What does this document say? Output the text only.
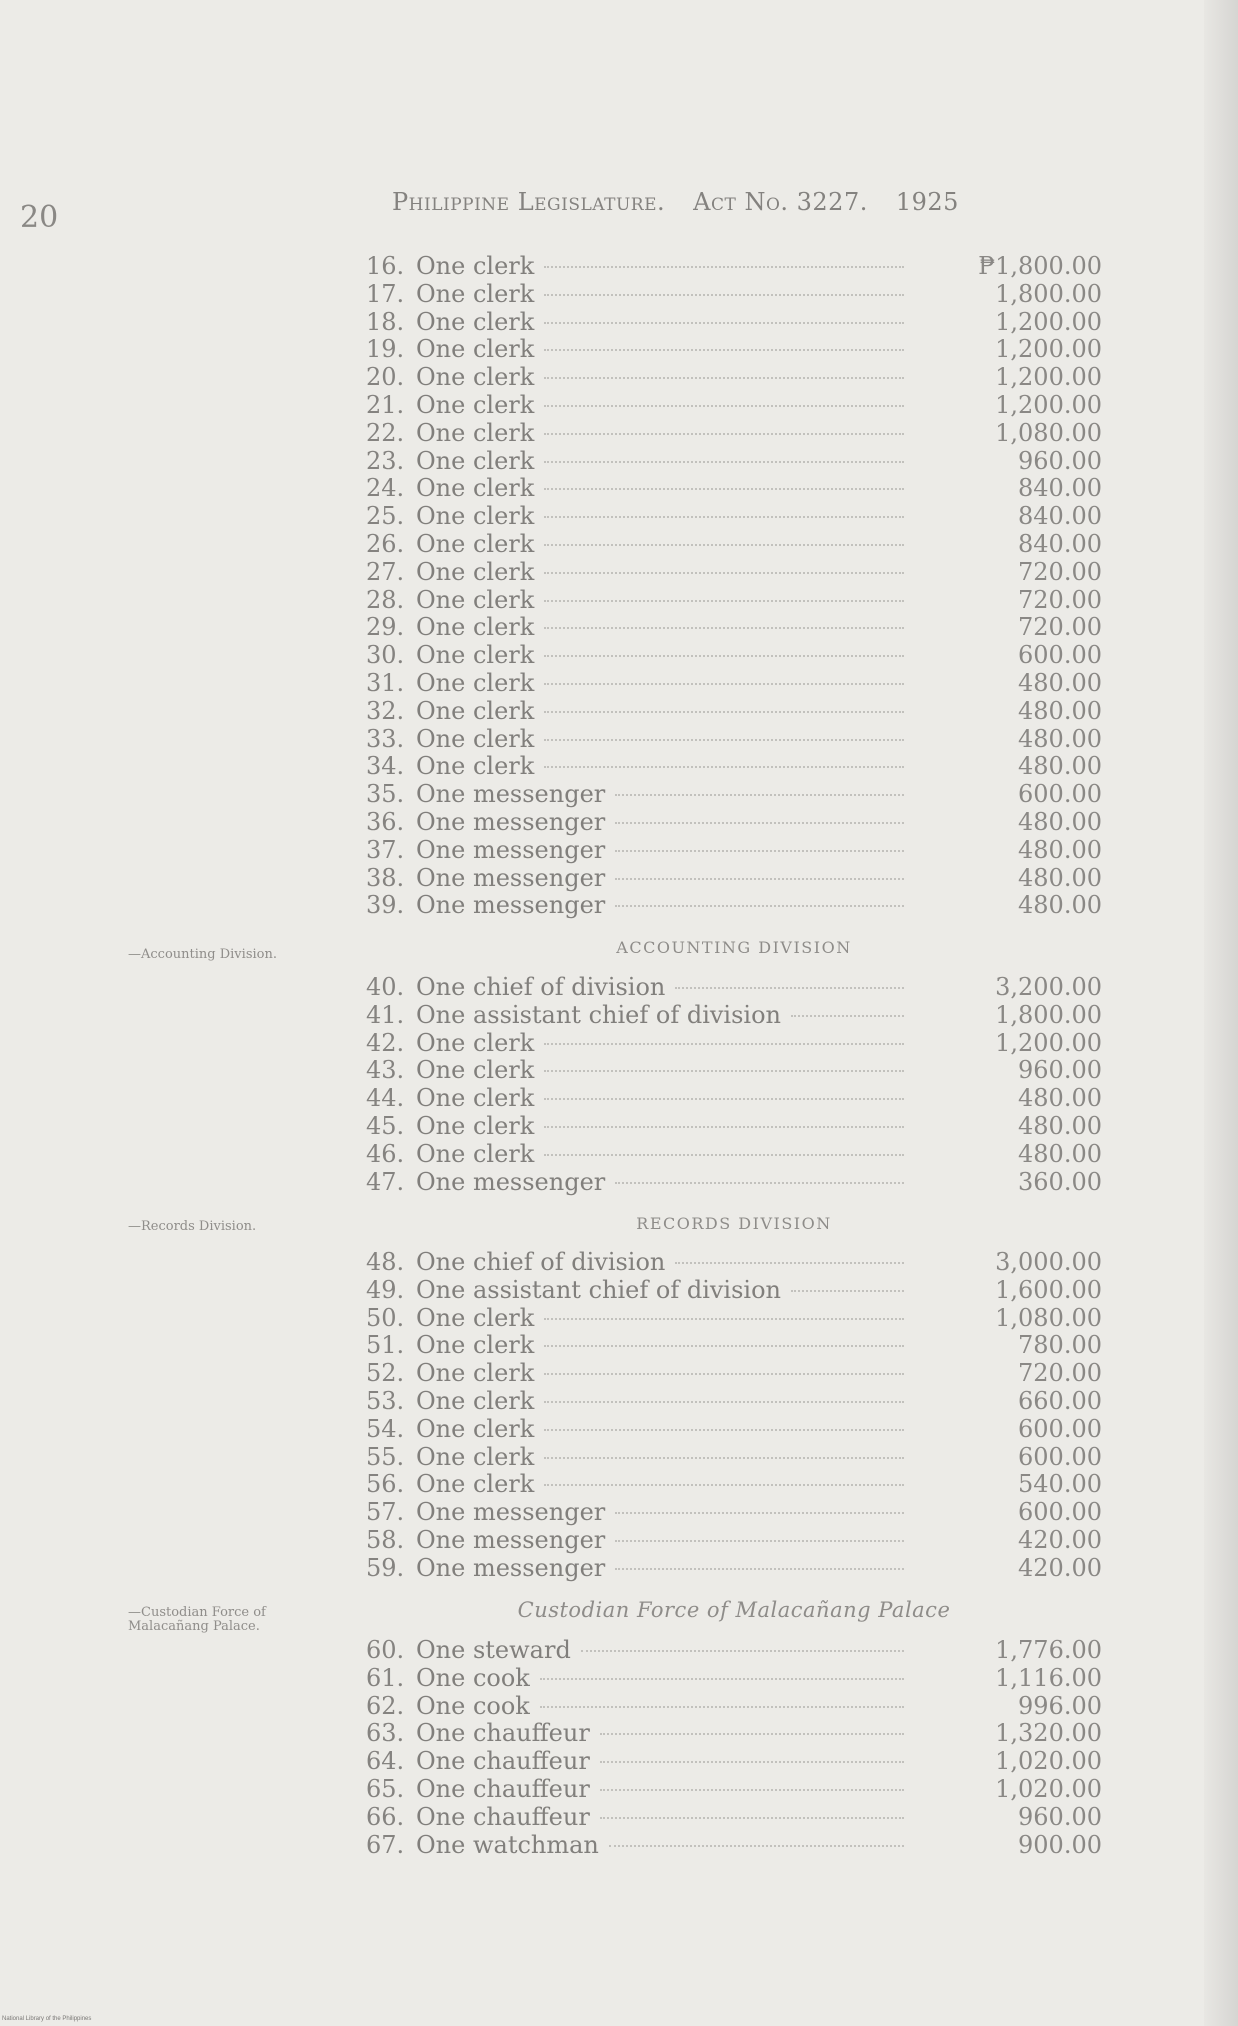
20	Philippine Legislature. Act No. 3227. 1925
16. One clerk	₱1,800.00
17. One clerk	1,800.00
18. One clerk	1,200.00
19. One clerk	1,200.00
20. One clerk	1,200.00
21. One clerk	1,200.00
22. One clerk	1,080.00
23. One clerk	960.00
24. One clerk	840.00
25. One clerk	840.00
26. One clerk	840.00
27. One clerk	720.00
28. One clerk	720.00
29. One clerk	720.00
30. One clerk	600.00
31. One clerk	480.00
32. One clerk	480.00
33. One clerk	480.00
34. One clerk	480.00
35. One messenger	600.00
36. One messenger	480.00
37. One messenger	480.00
38. One messenger	480.00
39. One messenger	480.00
—Accounting Division.	ACCOUNTING DIVISION
40. One chief of division	3,200.00
41. One assistant chief of division	1,800.00
42. One clerk	1,200.00
43. One clerk	960.00
44. One clerk	480.00
45. One clerk	480.00
46. One clerk	480.00
47. One messenger	360.00
—Records Division.	RECORDS DIVISION
48. One chief of division	3,000.00
49. One assistant chief of division	1,600.00
50. One clerk	1,080.00
51. One clerk	780.00
52. One clerk	720.00
53. One clerk	660.00
54. One clerk	600.00
55. One clerk	600.00
56. One clerk	540.00
57. One messenger	600.00
58. One messenger	420.00
59. One messenger	420.00
—Custodian Force of Malacañang Palace.
Custodian Force of Malacañang Palace
60. One steward	1,776.00
61. One cook	1,116.00
62. One cook	996.00
63. One chauffeur	1,320.00
64. One chauffeur	1,020.00
65. One chauffeur	1,020.00
66. One chauffeur	960.00
67. One watchman	900.00
National Library of the Philippines
